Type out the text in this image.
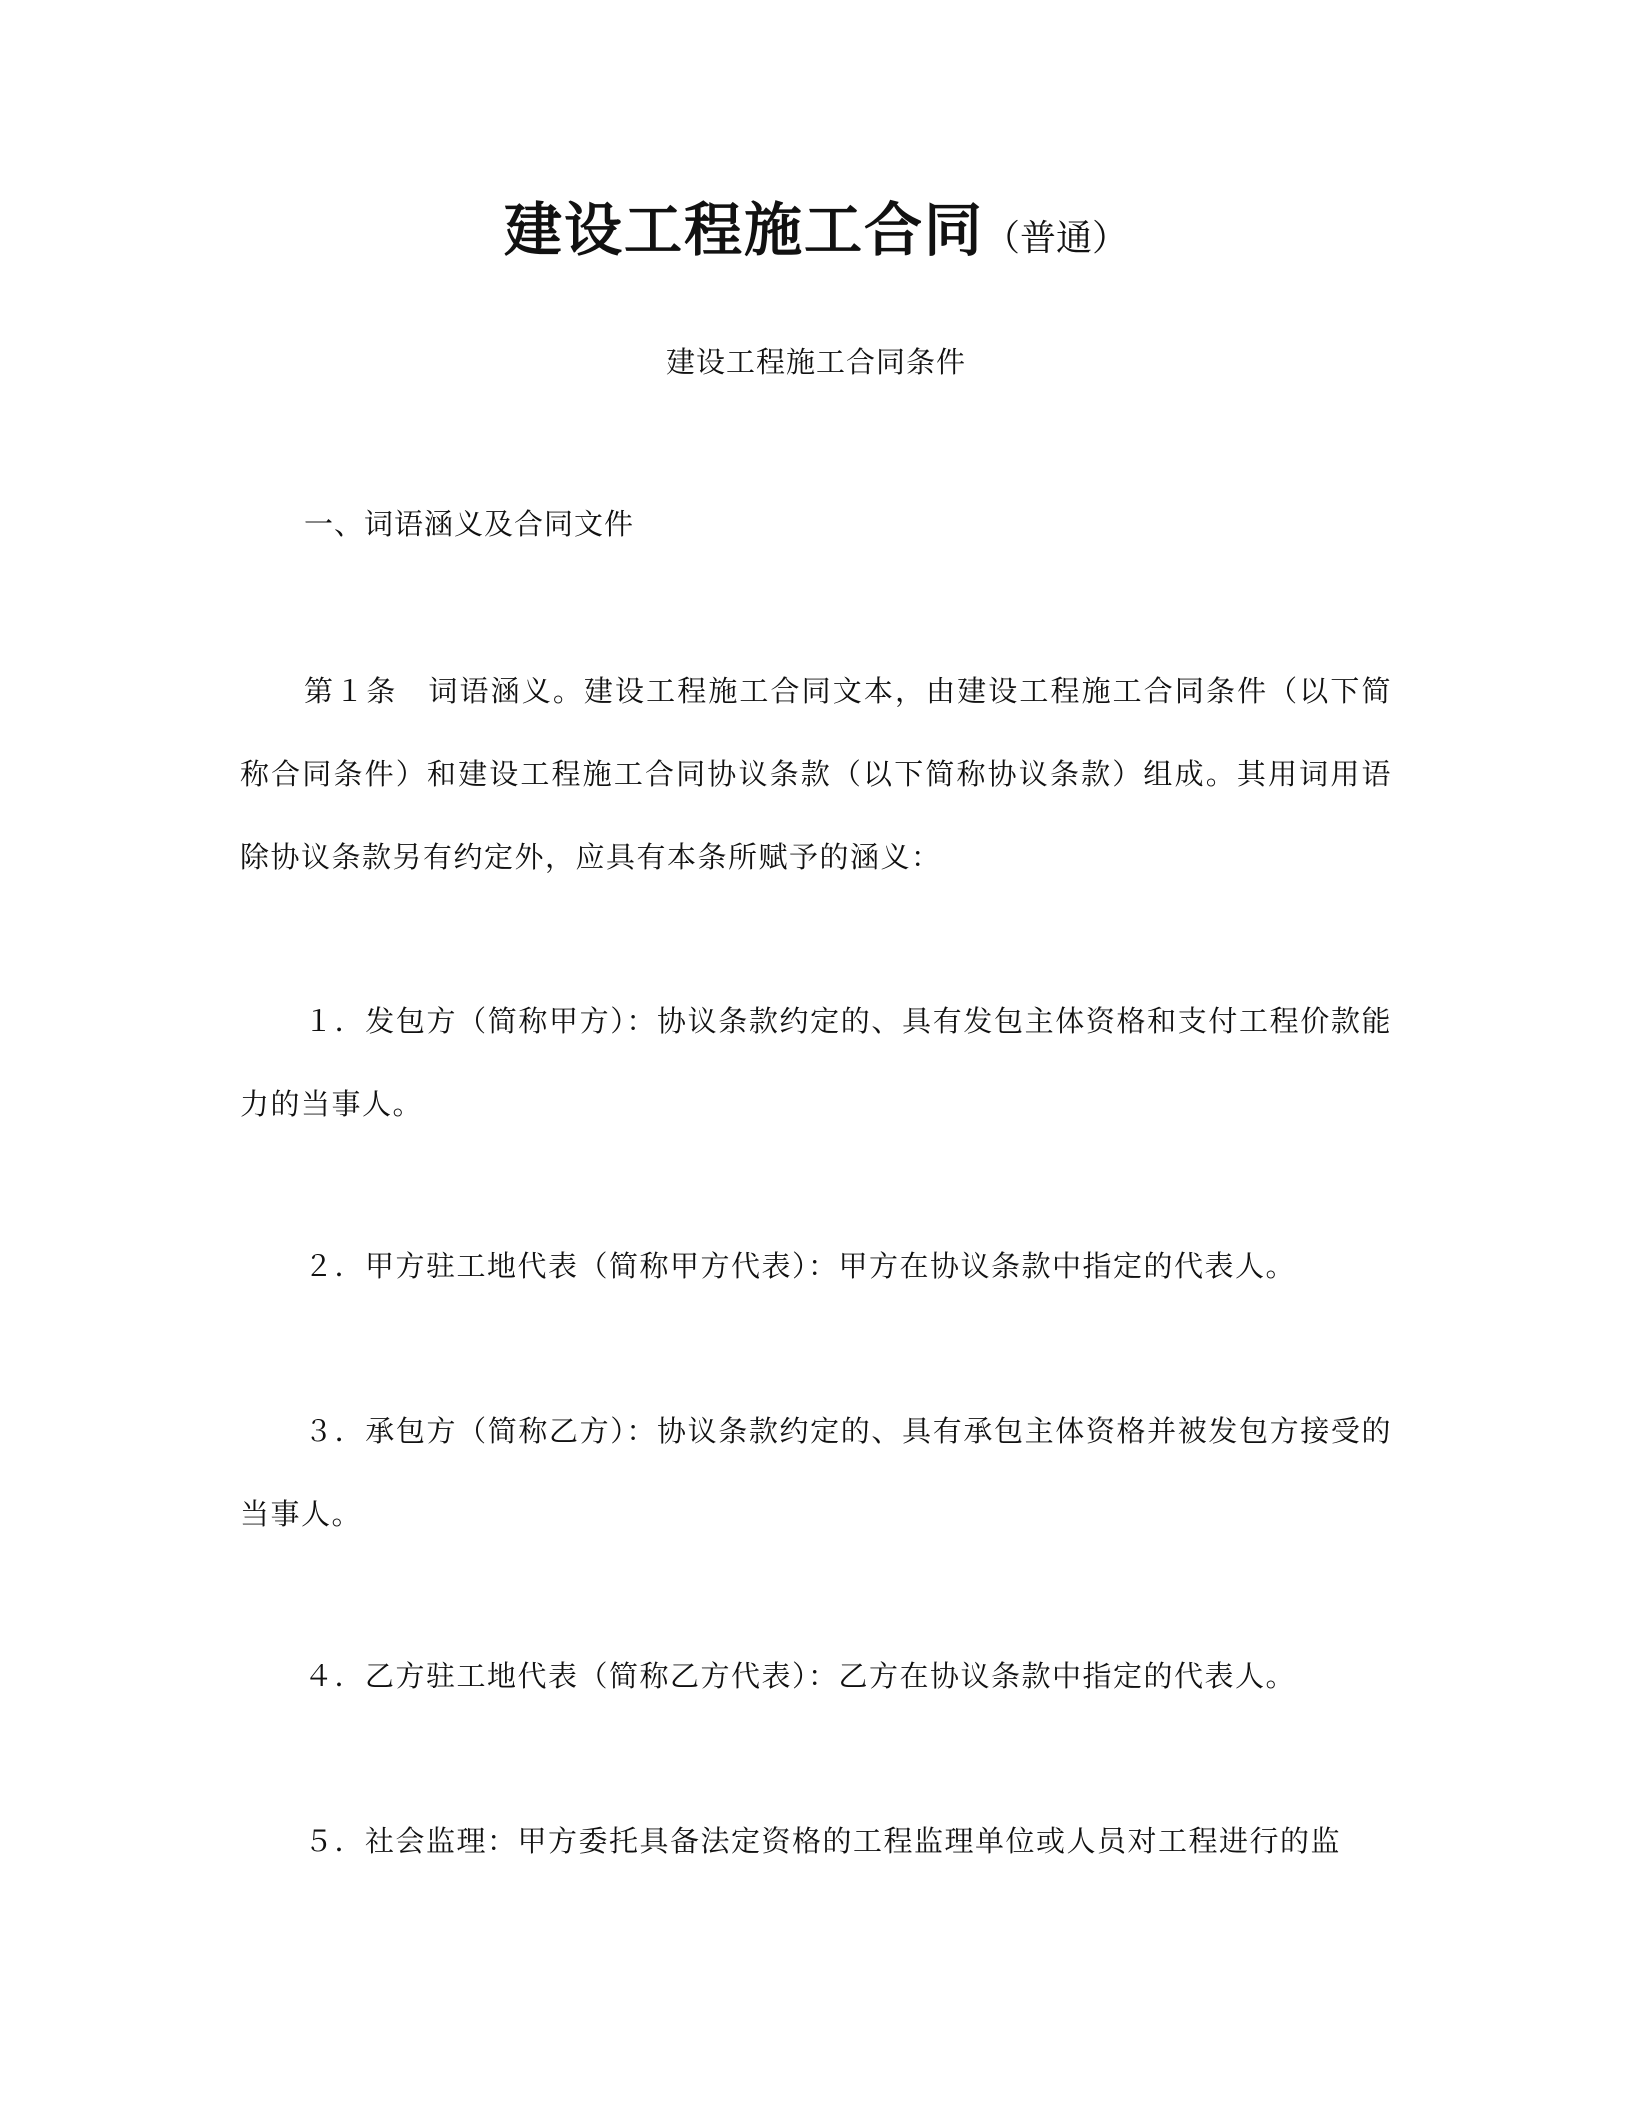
建设工程施工合同（普通）
建设工程施工合同条件
一、词语涵义及合同文件

第１条　词语涵义。建设工程施工合同文本，由建设工程施工合同条件（以下简称合同条件）和建设工程施工合同协议条款（以下简称协议条款）组成。其用词用语除协议条款另有约定外，应具有本条所赋予的涵义：

１．发包方（简称甲方）：协议条款约定的、具有发包主体资格和支付工程价款能力的当事人。

２．甲方驻工地代表（简称甲方代表）：甲方在协议条款中指定的代表人。

３．承包方（简称乙方）：协议条款约定的、具有承包主体资格并被发包方接受的当事人。

４．乙方驻工地代表（简称乙方代表）：乙方在协议条款中指定的代表人。

５．社会监理：甲方委托具备法定资格的工程监理单位或人员对工程进行的监
